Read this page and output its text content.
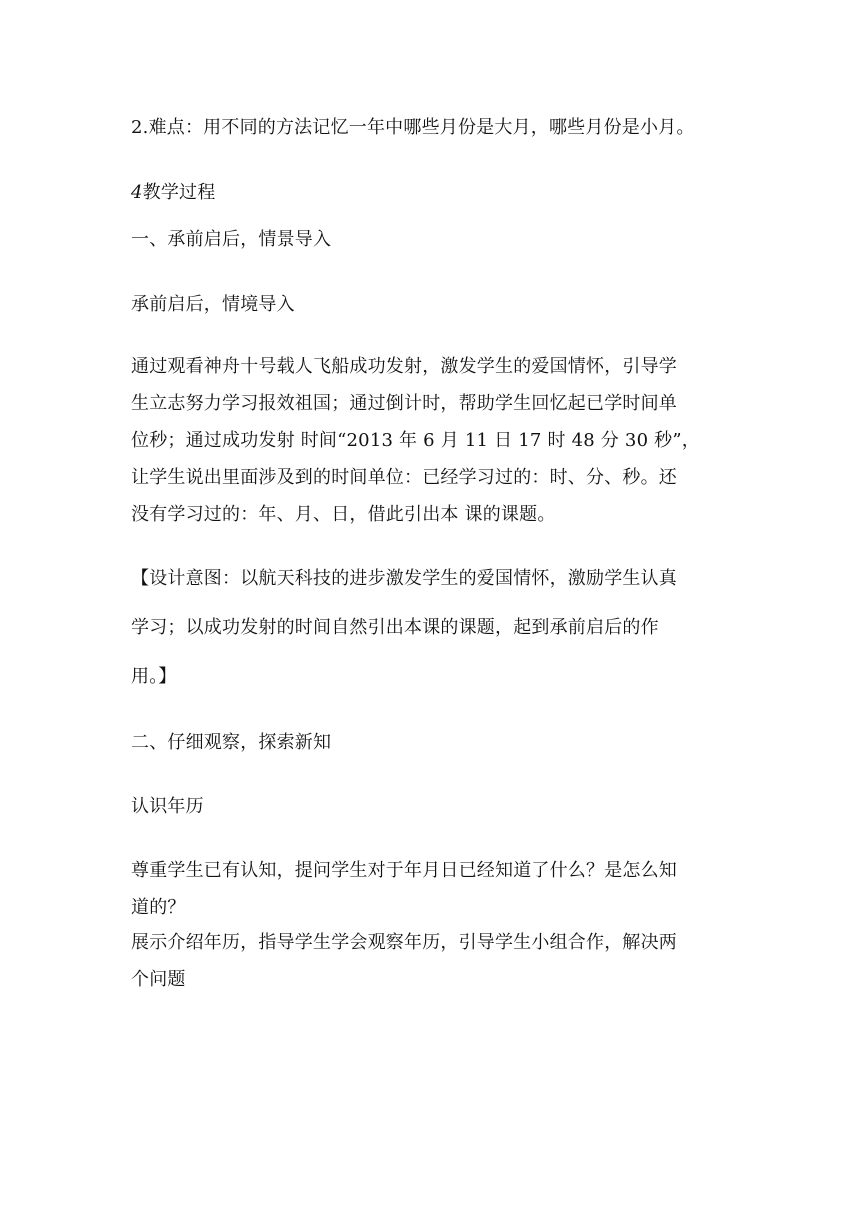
2.难点：用不同的方法记忆一年中哪些月份是大月，哪些月份是小月。
4教学过程
一、承前启后，情景导入
承前启后，情境导入
通过观看神舟十号载人飞船成功发射，激发学生的爱国情怀，引导学
生立志努力学习报效祖国；通过倒计时，帮助学生回忆起已学时间单
位秒；通过成功发射 时间“2013 年 6 月 11 日 17 时 48 分 30 秒”，
让学生说出里面涉及到的时间单位：已经学习过的：时、分、秒。还
没有学习过的：年、月、日，借此引出本 课的课题。
【设计意图：以航天科技的进步激发学生的爱国情怀，激励学生认真
学习；以成功发射的时间自然引出本课的课题，起到承前启后的作
用。】
二、仔细观察，探索新知
认识年历
尊重学生已有认知，提问学生对于年月日已经知道了什么？是怎么知
道的？
展示介绍年历，指导学生学会观察年历，引导学生小组合作，解决两
个问题
